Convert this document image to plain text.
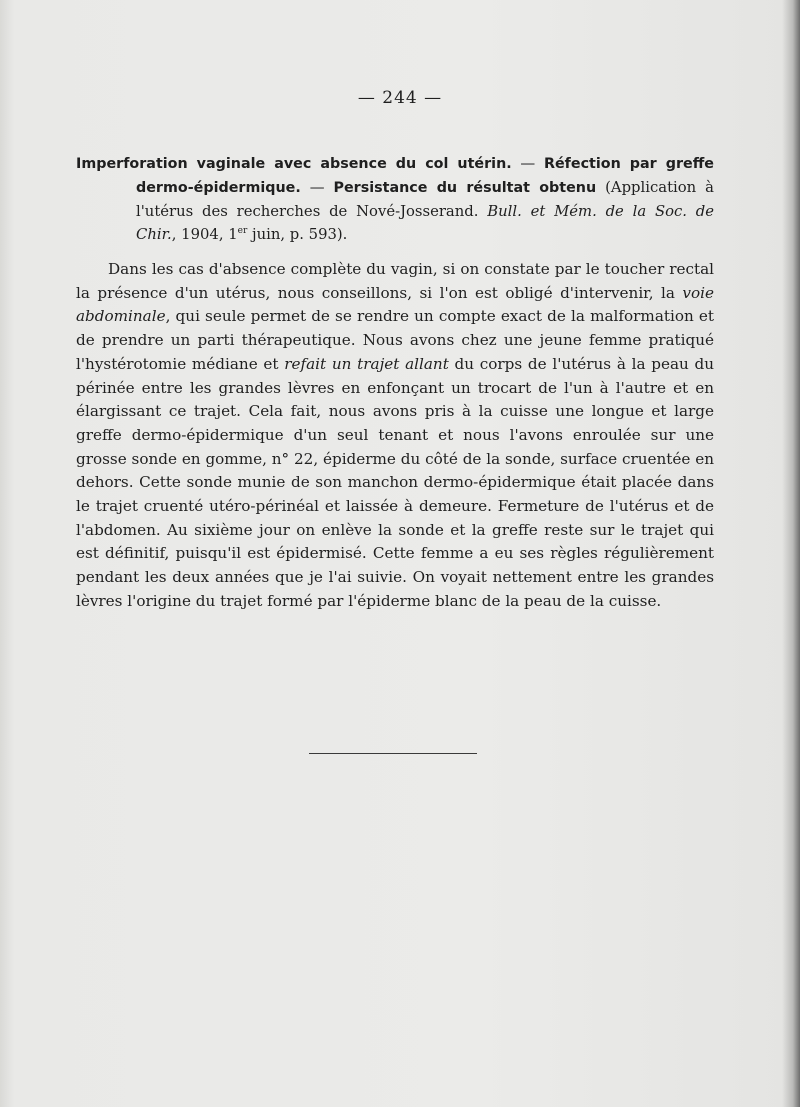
— 244 —

Imperforation vaginale avec absence du col utérin. — Réfection par greffe dermo-épidermique. — Persistance du résultat obtenu (Application à l'utérus des recherches de Nové-Josserand. Bull. et Mém. de la Soc. de Chir., 1904, 1er juin, p. 593).

Dans les cas d'absence complète du vagin, si on constate par le toucher rectal la présence d'un utérus, nous conseillons, si l'on est obligé d'intervenir, la voie abdominale, qui seule permet de se rendre un compte exact de la malformation et de prendre un parti thérapeutique. Nous avons chez une jeune femme pratiqué l'hystérotomie médiane et refait un trajet allant du corps de l'utérus à la peau du périnée entre les grandes lèvres en enfonçant un trocart de l'un à l'autre et en élargissant ce trajet. Cela fait, nous avons pris à la cuisse une longue et large greffe dermo-épidermique d'un seul tenant et nous l'avons enroulée sur une grosse sonde en gomme, n° 22, épiderme du côté de la sonde, surface cruentée en dehors. Cette sonde munie de son manchon dermo-épidermique était placée dans le trajet cruenté utéro-périnéal et laissée à demeure. Fermeture de l'utérus et de l'abdomen. Au sixième jour on enlève la sonde et la greffe reste sur le trajet qui est définitif, puisqu'il est épidermisé. Cette femme a eu ses règles régulièrement pendant les deux années que je l'ai suivie. On voyait nettement entre les grandes lèvres l'origine du trajet formé par l'épiderme blanc de la peau de la cuisse.
